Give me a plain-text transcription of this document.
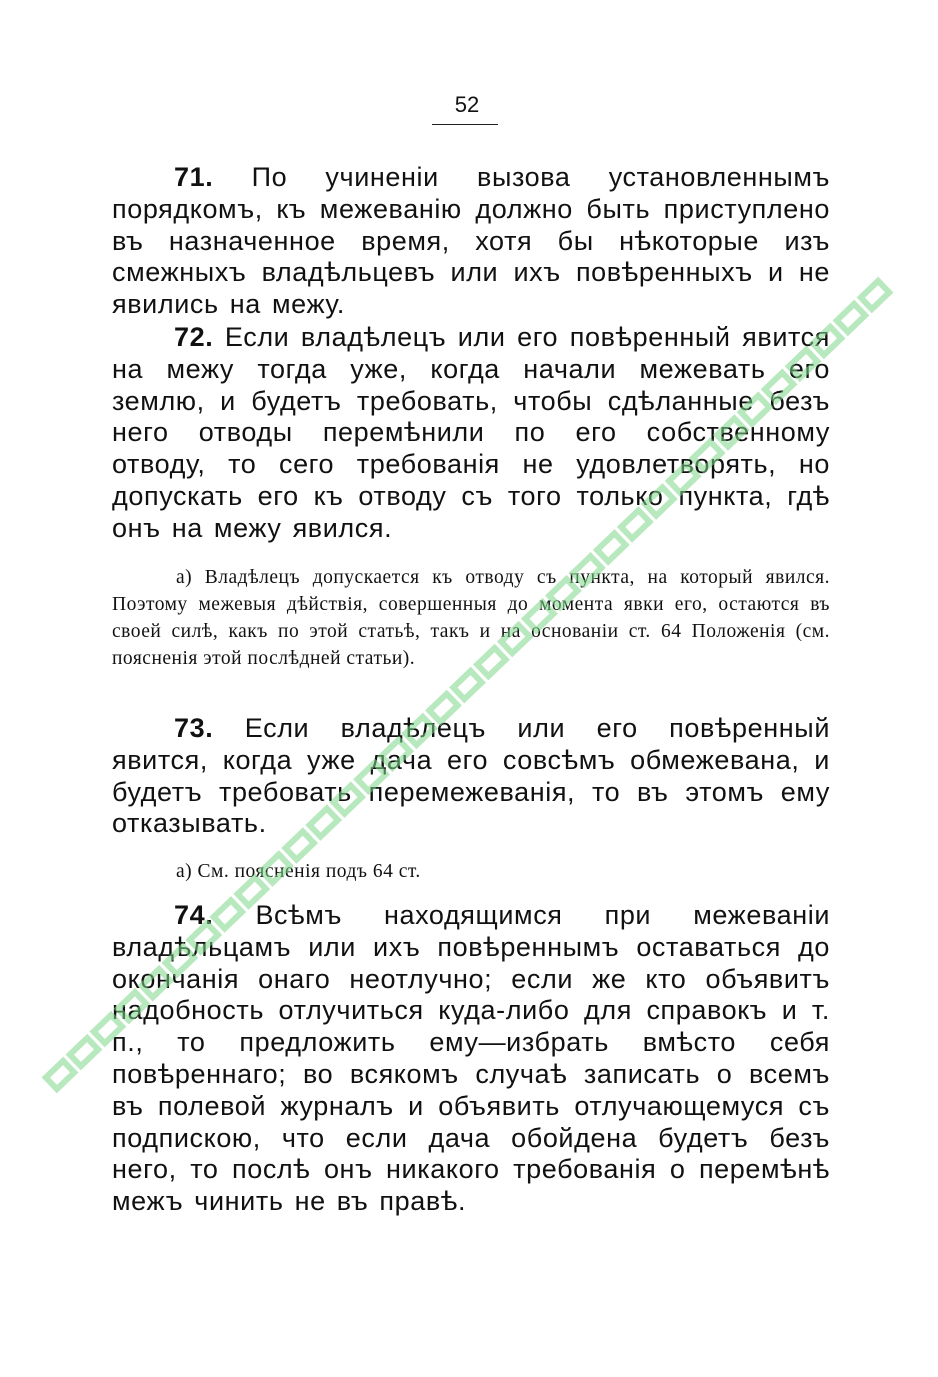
52

71. По учиненіи вызова установленнымъ порядкомъ, къ межеванію должно быть приступлено въ назначенное время, хотя бы нѣкоторые изъ смежныхъ владѣльцевъ или ихъ повѣренныхъ и не явились на межу.

72. Если владѣлецъ или его повѣренный явится на межу тогда уже, когда начали межевать его землю, и будетъ требовать, чтобы сдѣланные безъ него отводы перемѣнили по его собственному отводу, то сего требованія не удовлетворять, но допускать его къ отводу съ того только пункта, гдѣ онъ на межу явился.

а) Владѣлецъ допускается къ отводу съ пункта, на который явился. Поэтому межевыя дѣйствія, совершенныя до момента явки его, остаются въ своей силѣ, какъ по этой статьѣ, такъ и на основаніи ст. 64 Положенія (см. поясненія этой послѣдней статьи).

73. Если владѣлецъ или его повѣренный явится, когда уже дача его совсѣмъ обмежевана, и будетъ требовать перемежеванія, то въ этомъ ему отказывать.

а) См. поясненія подъ 64 ст.

74. Всѣмъ находящимся при межеваніи владѣльцамъ или ихъ повѣреннымъ оставаться до окончанія онаго неотлучно; если же кто объявитъ надобность отлучиться куда-либо для справокъ и т. п., то предложить ему—избрать вмѣсто себя повѣреннаго; во всякомъ случаѣ записать о всемъ въ полевой журналъ и объявить отлучающемуся съ подпискою, что если дача обойдена будетъ безъ него, то послѣ онъ никакого требованія о перемѣнѣ межъ чинить не въ правѣ.
